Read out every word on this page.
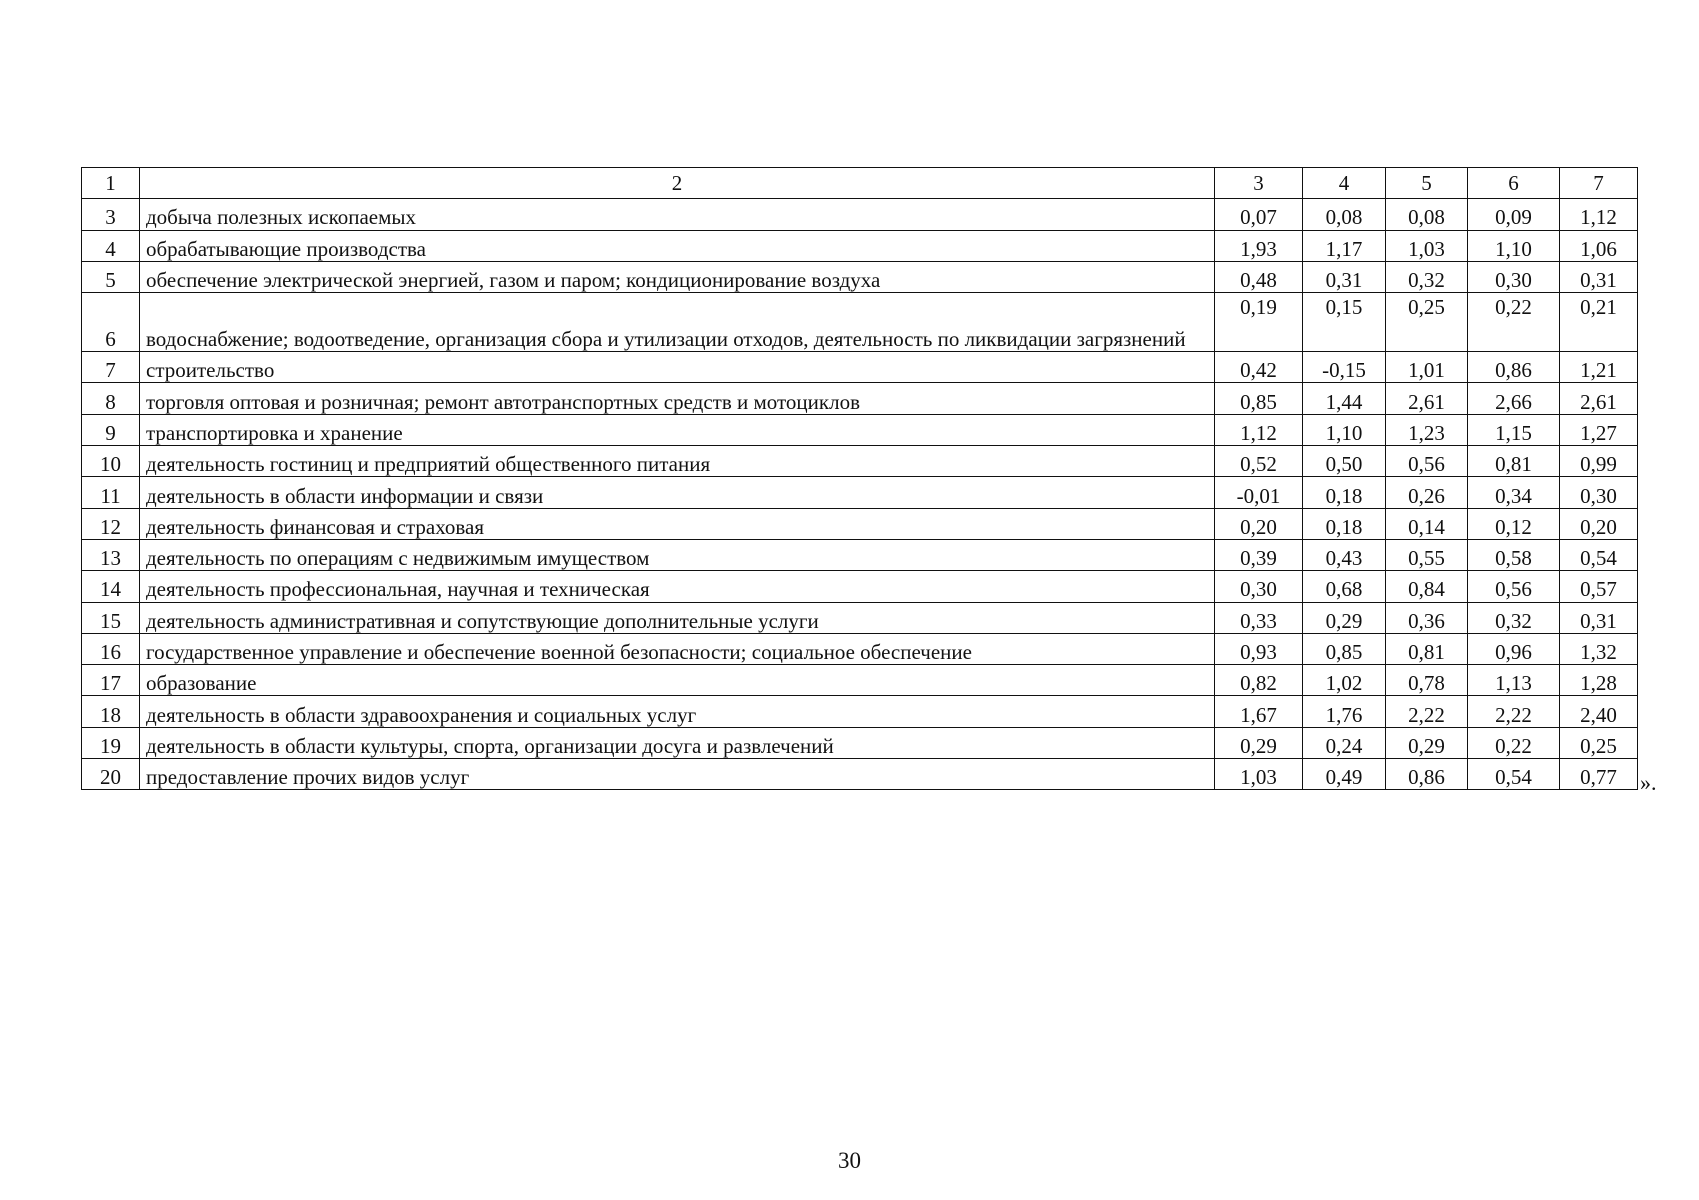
1	2	3	4	5	6	7
3	добыча полезных ископаемых	0,07	0,08	0,08	0,09	1,12
4	обрабатывающие производства	1,93	1,17	1,03	1,10	1,06
5	обеспечение электрической энергией, газом и паром; кондиционирование воздуха	0,48	0,31	0,32	0,30	0,31
6	водоснабжение; водоотведение, организация сбора и утилизации отходов, деятельность по ликвидации загрязнений	0,19	0,15	0,25	0,22	0,21
7	строительство	0,42	-0,15	1,01	0,86	1,21
8	торговля оптовая и розничная; ремонт автотранспортных средств и мотоциклов	0,85	1,44	2,61	2,66	2,61
9	транспортировка и хранение	1,12	1,10	1,23	1,15	1,27
10	деятельность гостиниц и предприятий общественного питания	0,52	0,50	0,56	0,81	0,99
11	деятельность в области информации и связи	-0,01	0,18	0,26	0,34	0,30
12	деятельность финансовая и страховая	0,20	0,18	0,14	0,12	0,20
13	деятельность по операциям с недвижимым имуществом	0,39	0,43	0,55	0,58	0,54
14	деятельность профессиональная, научная и техническая	0,30	0,68	0,84	0,56	0,57
15	деятельность административная и сопутствующие дополнительные услуги	0,33	0,29	0,36	0,32	0,31
16	государственное управление и обеспечение военной безопасности; социальное обеспечение	0,93	0,85	0,81	0,96	1,32
17	образование	0,82	1,02	0,78	1,13	1,28
18	деятельность в области здравоохранения и социальных услуг	1,67	1,76	2,22	2,22	2,40
19	деятельность в области культуры, спорта, организации досуга и развлечений	0,29	0,24	0,29	0,22	0,25
20	предоставление прочих видов услуг	1,03	0,49	0,86	0,54	0,77 ».
30
